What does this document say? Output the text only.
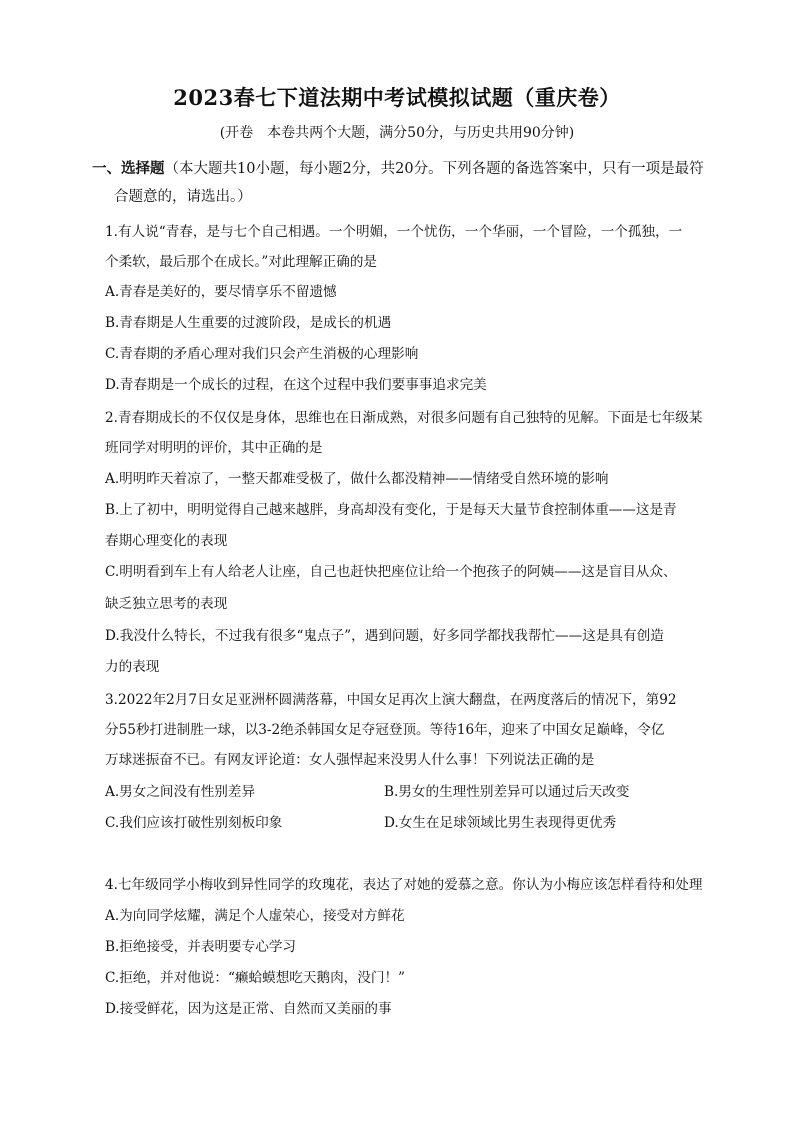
2023春七下道法期中考试模拟试题（重庆卷）
(开卷　本卷共两个大题，满分50分，与历史共用90分钟)
一、选择题（本大题共10小题，每小题2分，共20分。下列各题的备选答案中，只有一项是最符
合题意的，请选出。）
1.有人说“青春，是与七个自己相遇。一个明媚，一个忧伤，一个华丽，一个冒险，一个孤独，一
个柔软，最后那个在成长。”对此理解正确的是
A.青春是美好的，要尽情享乐不留遗憾
B.青春期是人生重要的过渡阶段，是成长的机遇
C.青春期的矛盾心理对我们只会产生消极的心理影响
D.青春期是一个成长的过程，在这个过程中我们要事事追求完美
2.青春期成长的不仅仅是身体，思维也在日渐成熟，对很多问题有自己独特的见解。下面是七年级某
班同学对明明的评价，其中正确的是
A.明明昨天着凉了，一整天都难受极了，做什么都没精神——情绪受自然环境的影响
B.上了初中，明明觉得自己越来越胖，身高却没有变化，于是每天大量节食控制体重——这是青
春期心理变化的表现
C.明明看到车上有人给老人让座，自己也赶快把座位让给一个抱孩子的阿姨——这是盲目从众、
缺乏独立思考的表现
D.我没什么特长，不过我有很多“鬼点子”，遇到问题，好多同学都找我帮忙——这是具有创造
力的表现
3.2022年2月7日女足亚洲杯圆满落幕，中国女足再次上演大翻盘，在两度落后的情况下，第92
分55秒打进制胜一球，以3-2绝杀韩国女足夺冠登顶。等待16年，迎来了中国女足巅峰，令亿
万球迷振奋不已。有网友评论道：女人强悍起来没男人什么事！下列说法正确的是
A.男女之间没有性别差异	B.男女的生理性别差异可以通过后天改变
C.我们应该打破性别刻板印象	D.女生在足球领域比男生表现得更优秀
4.七年级同学小梅收到异性同学的玫瑰花，表达了对她的爱慕之意。你认为小梅应该怎样看待和处理
A.为向同学炫耀，满足个人虚荣心，接受对方鲜花
B.拒绝接受，并表明要专心学习
C.拒绝，并对他说：“癞蛤蟆想吃天鹅肉，没门！”
D.接受鲜花，因为这是正常、自然而又美丽的事
